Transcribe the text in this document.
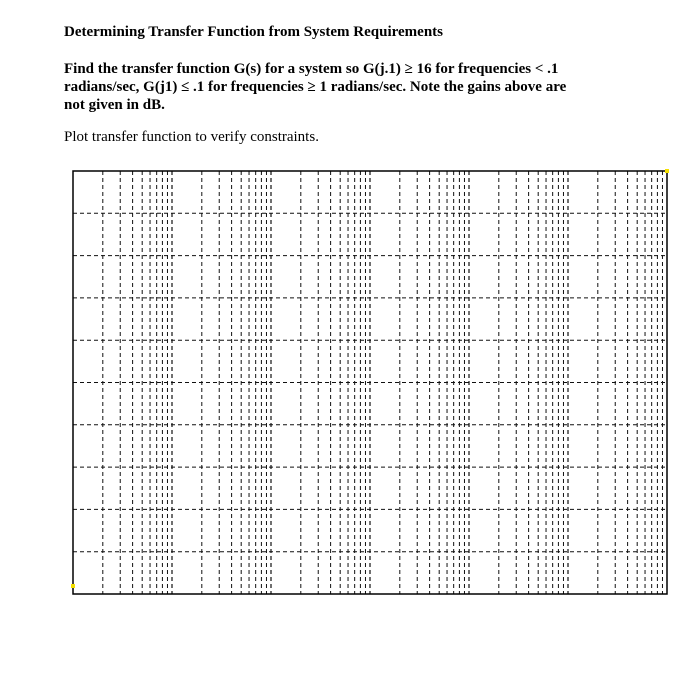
Determining Transfer Function from System Requirements
Find the transfer function G(s) for a system so G(j.1) ≥ 16 for frequencies < .1
radians/sec, G(j1) ≤ .1 for frequencies ≥ 1 radians/sec. Note the gains above are
not given in dB.
Plot transfer function to verify constraints.
